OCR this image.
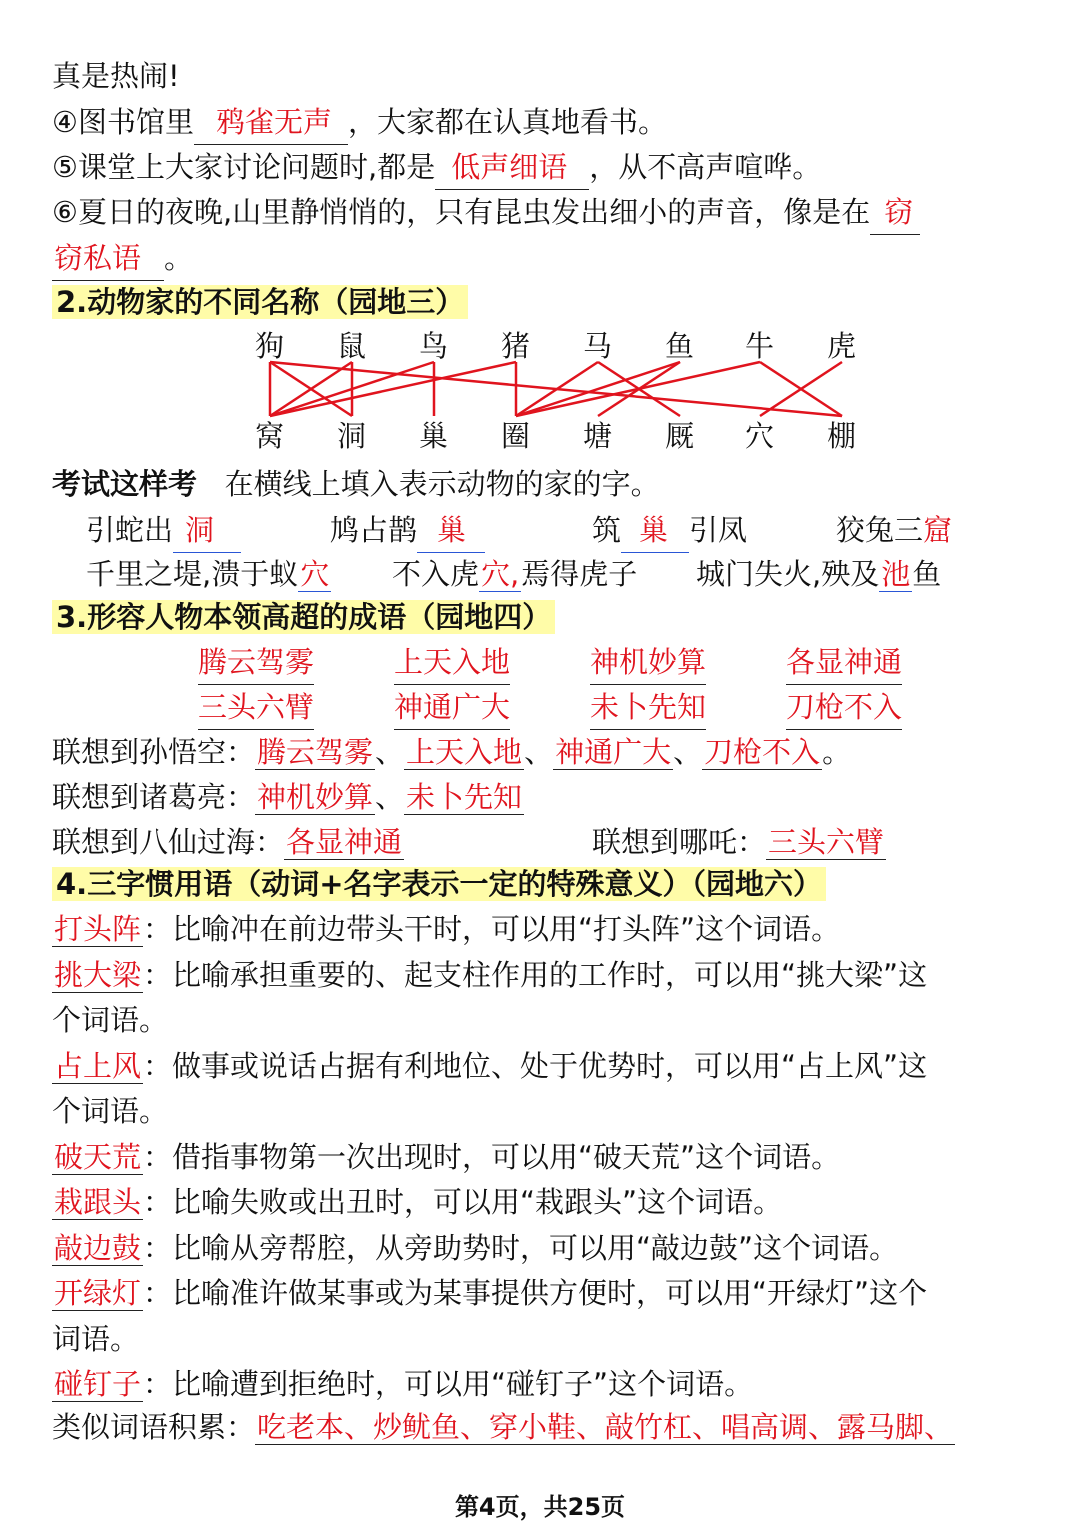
真是热闹!
④图书馆里 鸦雀无声 ，大家都在认真地看书。
⑤课堂上大家讨论问题时,都是 低声细语 ，从不高声喧哗。
⑥夏日的夜晚,山里静悄悄的，只有昆虫发出细小的声音，像是在 窃
窃私语 。
2.动物家的不同名称（园地三）
狗 鼠 鸟 猪 马 鱼 牛 虎
窝 洞 巢 圈 塘 厩 穴 棚
考试这样考 在横线上填入表示动物的家的字。
引蛇出 洞	鸠占鹊 巢	筑 巢 引凤	狡兔三窟
千里之堤,溃于蚁穴 不入虎穴,焉得虎子 城门失火,殃及池鱼
3.形容人物本领高超的成语（园地四）
腾云驾雾	上天入地	神机妙算	各显神通
三头六臂	神通广大	未卜先知	刀枪不入
联想到孙悟空：腾云驾雾、上天入地、神通广大、刀枪不入。
联想到诸葛亮：神机妙算、未卜先知
联想到八仙过海：各显神通	联想到哪吒：三头六臂
4.三字惯用语（动词+名字表示一定的特殊意义）（园地六）
打头阵：比喻冲在前边带头干时，可以用“打头阵”这个词语。
挑大梁：比喻承担重要的、起支柱作用的工作时，可以用“挑大梁”这
个词语。
占上风：做事或说话占据有利地位、处于优势时，可以用“占上风”这
个词语。
破天荒：借指事物第一次出现时，可以用“破天荒”这个词语。
栽跟头：比喻失败或出丑时，可以用“栽跟头”这个词语。
敲边鼓：比喻从旁帮腔，从旁助势时，可以用“敲边鼓”这个词语。
开绿灯：比喻准许做某事或为某事提供方便时，可以用“开绿灯”这个
词语。
碰钉子：比喻遭到拒绝时，可以用“碰钉子”这个词语。
类似词语积累：吃老本、炒鱿鱼、穿小鞋、敲竹杠、唱高调、露马脚、
第4页，共25页
